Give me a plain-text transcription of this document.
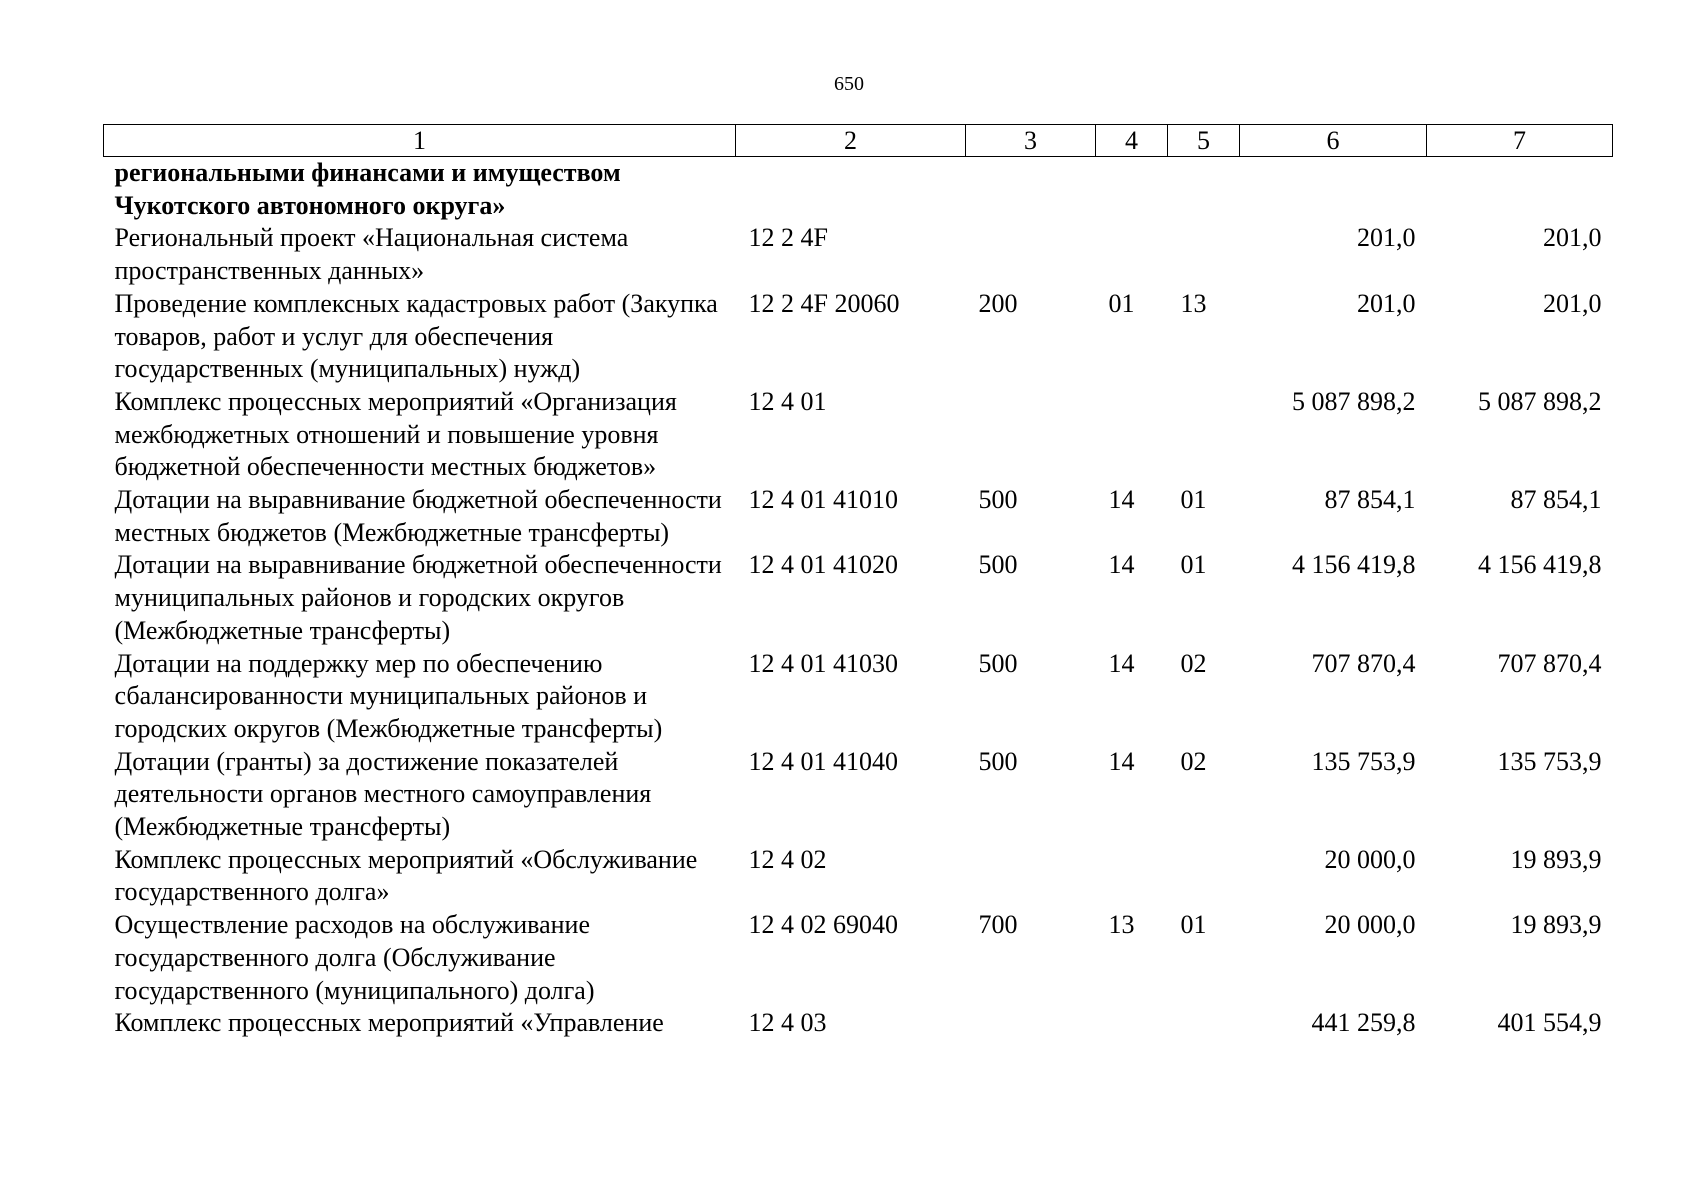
650
1	2	3	4	5	6	7
региональными финансами и имуществом Чукотского автономного округа»						
Региональный проект «Национальная система пространственных данных»	12 2 4F				201,0	201,0
Проведение комплексных кадастровых работ (Закупка товаров, работ и услуг для обеспечения государственных (муниципальных) нужд)	12 2 4F 20060	200	01	13	201,0	201,0
Комплекс процессных мероприятий «Организация межбюджетных отношений и повышение уровня бюджетной обеспеченности местных бюджетов»	12 4 01				5 087 898,2	5 087 898,2
Дотации на выравнивание бюджетной обеспеченности местных бюджетов (Межбюджетные трансферты)	12 4 01 41010	500	14	01	87 854,1	87 854,1
Дотации на выравнивание бюджетной обеспеченности муниципальных районов и городских округов (Межбюджетные трансферты)	12 4 01 41020	500	14	01	4 156 419,8	4 156 419,8
Дотации на поддержку мер по обеспечению сбалансированности муниципальных районов и городских округов (Межбюджетные трансферты)	12 4 01 41030	500	14	02	707 870,4	707 870,4
Дотации (гранты) за достижение показателей деятельности органов местного самоуправления (Межбюджетные трансферты)	12 4 01 41040	500	14	02	135 753,9	135 753,9
Комплекс процессных мероприятий «Обслуживание государственного долга»	12 4 02				20 000,0	19 893,9
Осуществление расходов на обслуживание государственного долга (Обслуживание государственного (муниципального) долга)	12 4 02 69040	700	13	01	20 000,0	19 893,9
Комплекс процессных мероприятий «Управление	12 4 03				441 259,8	401 554,9
